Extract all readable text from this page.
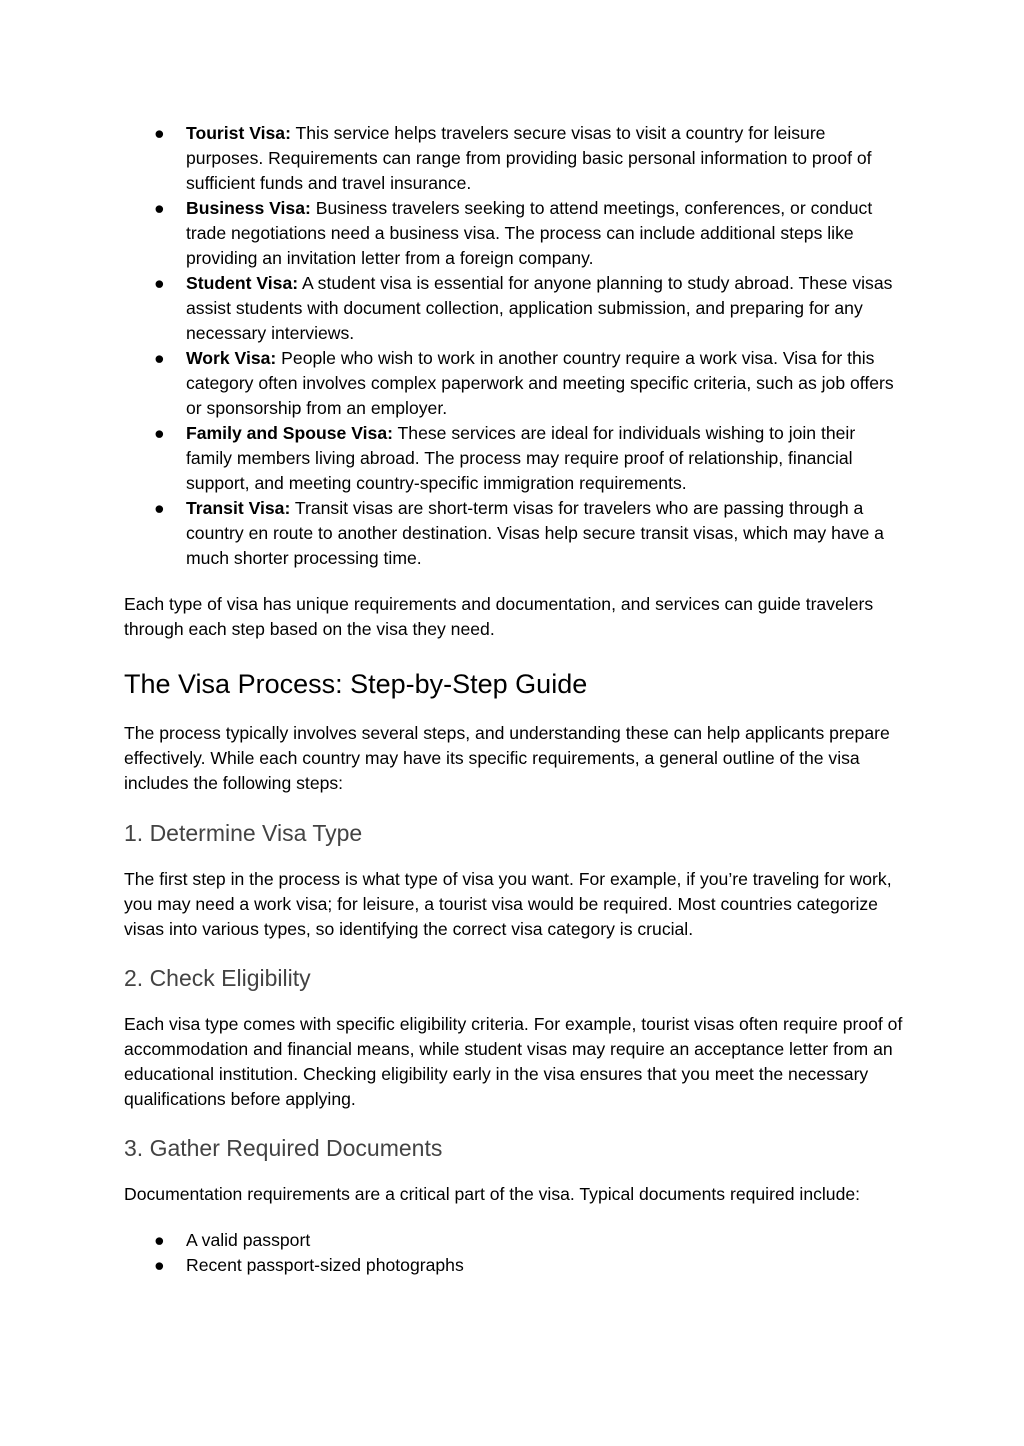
● Tourist Visa: This service helps travelers secure visas to visit a country for leisure purposes. Requirements can range from providing basic personal information to proof of sufficient funds and travel insurance.
● Business Visa: Business travelers seeking to attend meetings, conferences, or conduct trade negotiations need a business visa. The process can include additional steps like providing an invitation letter from a foreign company.
● Student Visa: A student visa is essential for anyone planning to study abroad. These visas assist students with document collection, application submission, and preparing for any necessary interviews.
● Work Visa: People who wish to work in another country require a work visa. Visa for this category often involves complex paperwork and meeting specific criteria, such as job offers or sponsorship from an employer.
● Family and Spouse Visa: These services are ideal for individuals wishing to join their family members living abroad. The process may require proof of relationship, financial support, and meeting country-specific immigration requirements.
● Transit Visa: Transit visas are short-term visas for travelers who are passing through a country en route to another destination. Visas help secure transit visas, which may have a much shorter processing time.

Each type of visa has unique requirements and documentation, and services can guide travelers through each step based on the visa they need.

The Visa Process: Step-by-Step Guide

The process typically involves several steps, and understanding these can help applicants prepare effectively. While each country may have its specific requirements, a general outline of the visa includes the following steps:

1. Determine Visa Type

The first step in the process is what type of visa you want. For example, if you’re traveling for work, you may need a work visa; for leisure, a tourist visa would be required. Most countries categorize visas into various types, so identifying the correct visa category is crucial.

2. Check Eligibility

Each visa type comes with specific eligibility criteria. For example, tourist visas often require proof of accommodation and financial means, while student visas may require an acceptance letter from an educational institution. Checking eligibility early in the visa ensures that you meet the necessary qualifications before applying.

3. Gather Required Documents

Documentation requirements are a critical part of the visa. Typical documents required include:

● A valid passport
● Recent passport-sized photographs
